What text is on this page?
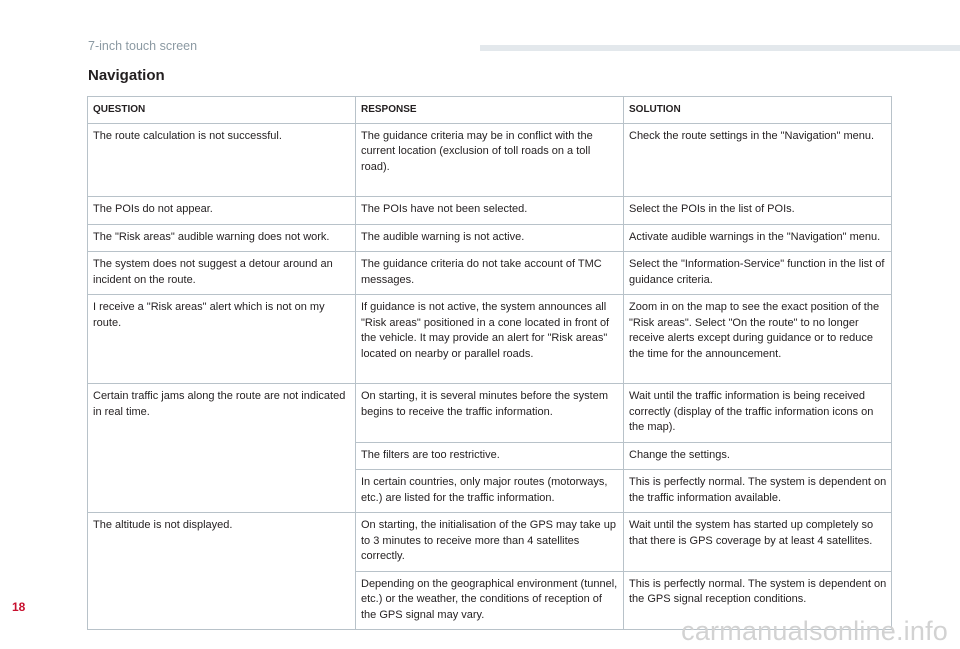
7-inch touch screen
Navigation
QUESTION	RESPONSE	SOLUTION
The route calculation is not successful.	The guidance criteria may be in conflict with the current location (exclusion of toll roads on a toll road).	Check the route settings in the "Navigation" menu.
The POIs do not appear.	The POIs have not been selected.	Select the POIs in the list of POIs.
The "Risk areas" audible warning does not work.	The audible warning is not active.	Activate audible warnings in the "Navigation" menu.
The system does not suggest a detour around an incident on the route.	The guidance criteria do not take account of TMC messages.	Select the "Information-Service" function in the list of guidance criteria.
I receive a "Risk areas" alert which is not on my route.	If guidance is not active, the system announces all "Risk areas" positioned in a cone located in front of the vehicle. It may provide an alert for "Risk areas" located on nearby or parallel roads.	Zoom in on the map to see the exact position of the "Risk areas". Select "On the route" to no longer receive alerts except during guidance or to reduce the time for the announcement.
Certain traffic jams along the route are not indicated in real time.	On starting, it is several minutes before the system begins to receive the traffic information.	Wait until the traffic information is being received correctly (display of the traffic information icons on the map).
	The filters are too restrictive.	Change the settings.
	In certain countries, only major routes (motorways, etc.) are listed for the traffic information.	This is perfectly normal. The system is dependent on the traffic information available.
The altitude is not displayed.	On starting, the initialisation of the GPS may take up to 3 minutes to receive more than 4 satellites correctly.	Wait until the system has started up completely so that there is GPS coverage by at least 4 satellites.
	Depending on the geographical environment (tunnel, etc.) or the weather, the conditions of reception of the GPS signal may vary.	This is perfectly normal. The system is dependent on the GPS signal reception conditions.
18
carmanualsonline.info
